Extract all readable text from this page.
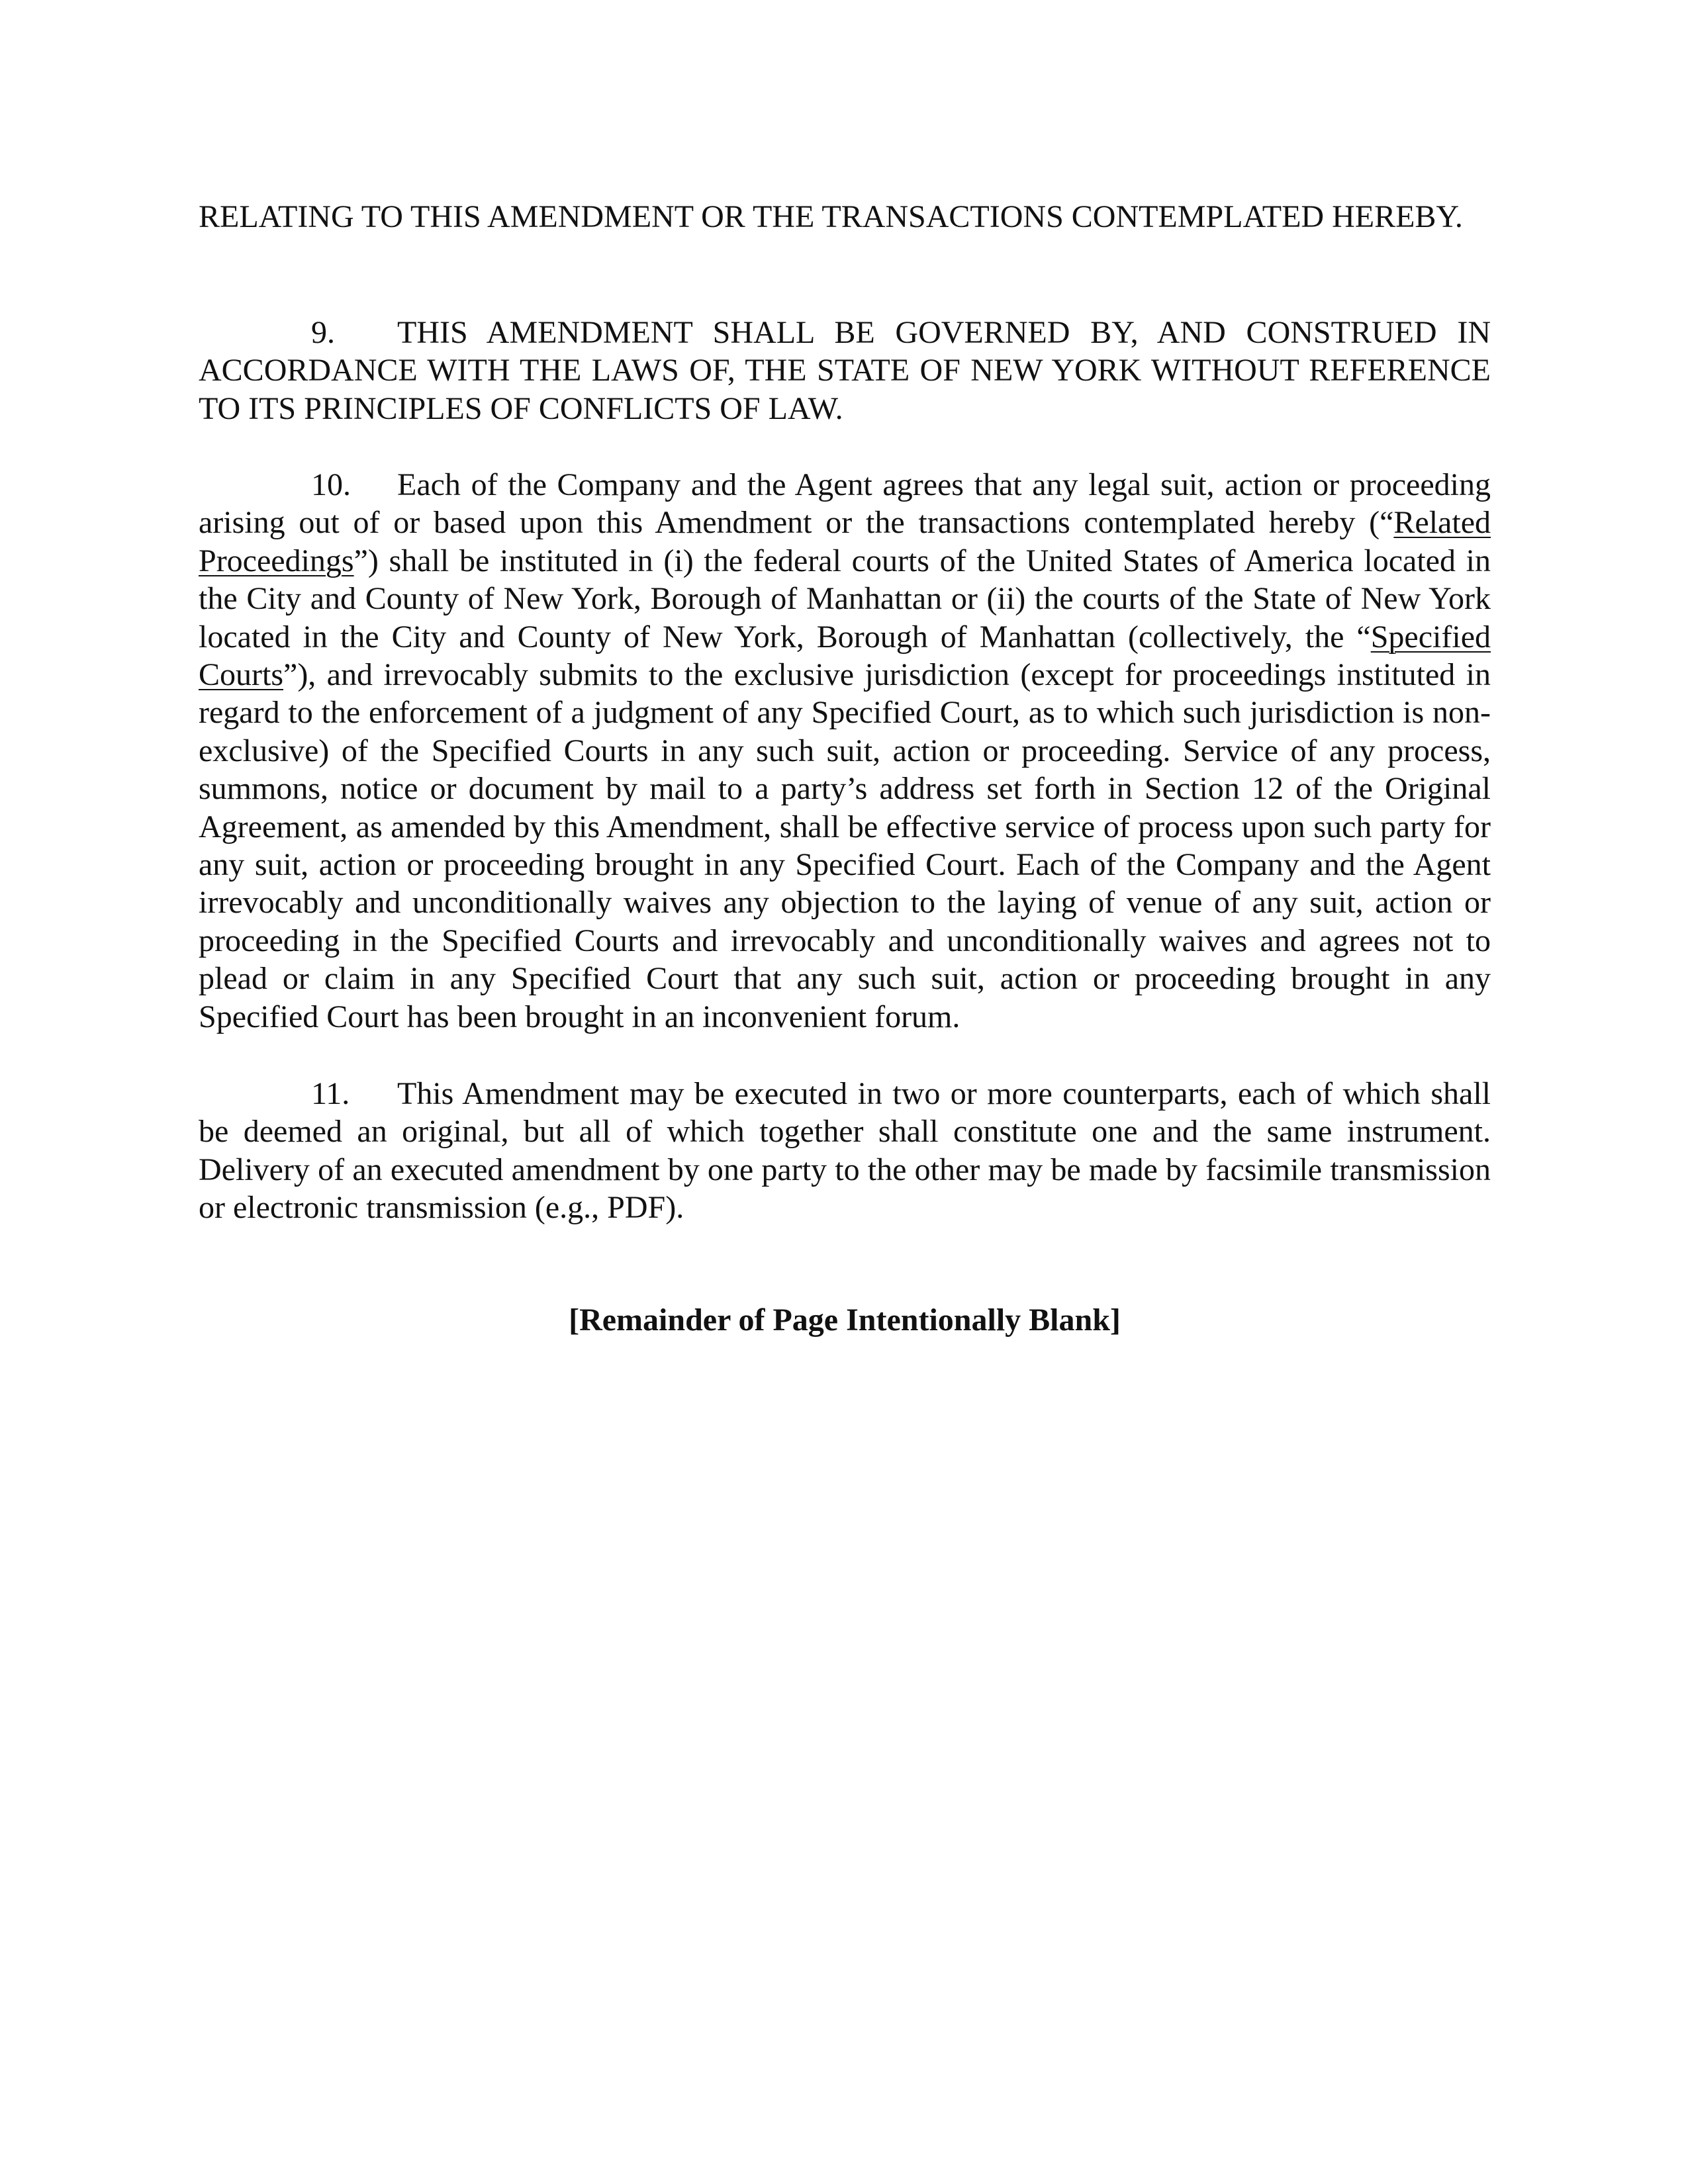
RELATING TO THIS AMENDMENT OR THE TRANSACTIONS CONTEMPLATED HEREBY.

9. THIS AMENDMENT SHALL BE GOVERNED BY, AND CONSTRUED IN ACCORDANCE WITH THE LAWS OF, THE STATE OF NEW YORK WITHOUT REFERENCE TO ITS PRINCIPLES OF CONFLICTS OF LAW.

10. Each of the Company and the Agent agrees that any legal suit, action or proceeding arising out of or based upon this Amendment or the transactions contemplated hereby (“Related Proceedings”) shall be instituted in (i) the federal courts of the United States of America located in the City and County of New York, Borough of Manhattan or (ii) the courts of the State of New York located in the City and County of New York, Borough of Manhattan (collectively, the “Specified Courts”), and irrevocably submits to the exclusive jurisdiction (except for proceedings instituted in regard to the enforcement of a judgment of any Specified Court, as to which such jurisdiction is non-exclusive) of the Specified Courts in any such suit, action or proceeding. Service of any process, summons, notice or document by mail to a party’s address set forth in Section 12 of the Original Agreement, as amended by this Amendment, shall be effective service of process upon such party for any suit, action or proceeding brought in any Specified Court. Each of the Company and the Agent irrevocably and unconditionally waives any objection to the laying of venue of any suit, action or proceeding in the Specified Courts and irrevocably and unconditionally waives and agrees not to plead or claim in any Specified Court that any such suit, action or proceeding brought in any Specified Court has been brought in an inconvenient forum.

11. This Amendment may be executed in two or more counterparts, each of which shall be deemed an original, but all of which together shall constitute one and the same instrument. Delivery of an executed amendment by one party to the other may be made by facsimile transmission or electronic transmission (e.g., PDF).

[Remainder of Page Intentionally Blank]
